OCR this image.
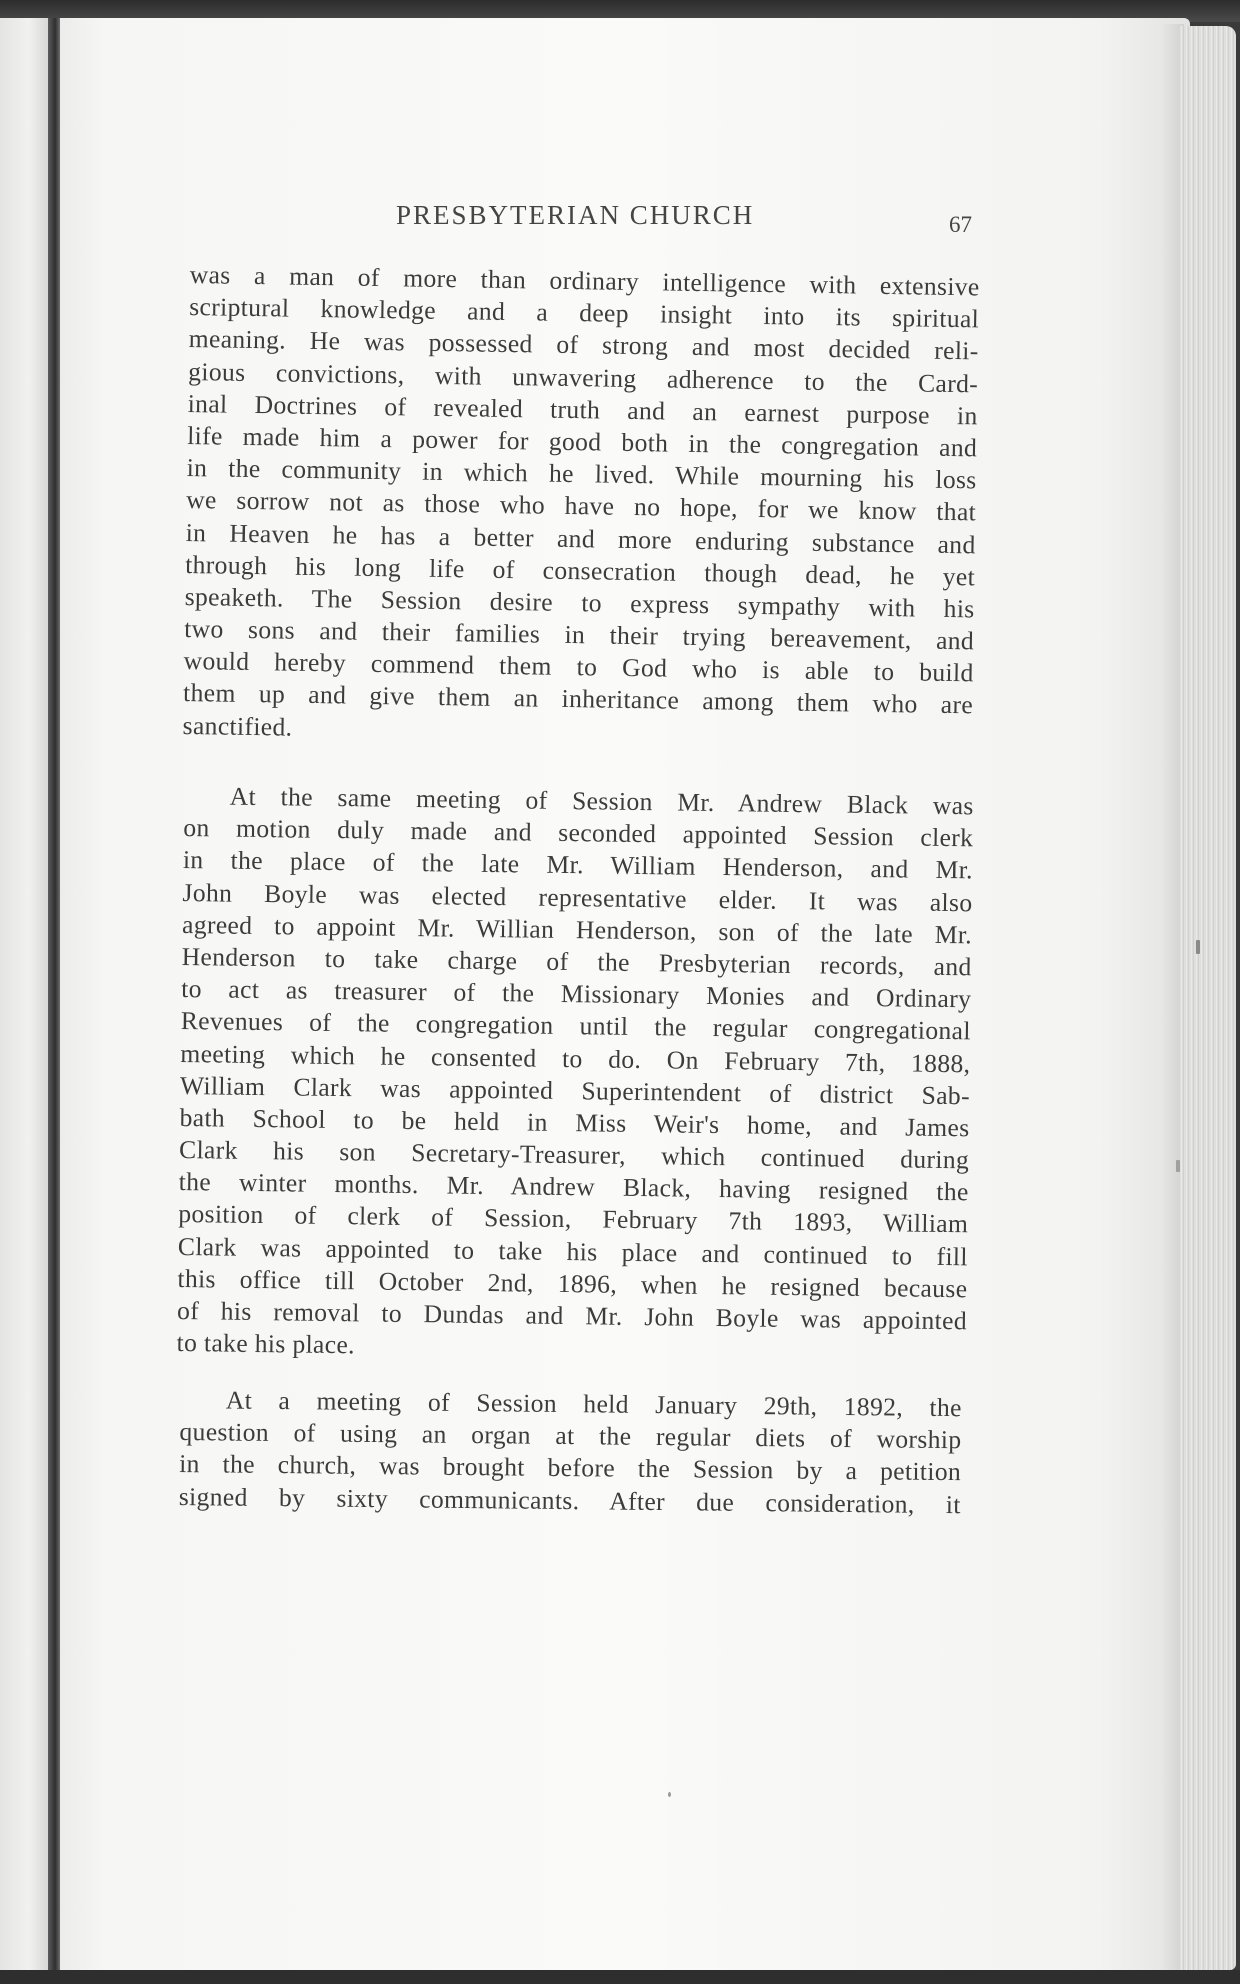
PRESBYTERIAN CHURCH	67
was a man of more than ordinary intelligence with extensive
scriptural knowledge and a deep insight into its spiritual
meaning. He was possessed of strong and most decided reli-
gious convictions, with unwavering adherence to the Card-
inal Doctrines of revealed truth and an earnest purpose in
life made him a power for good both in the congregation and
in the community in which he lived. While mourning his loss
we sorrow not as those who have no hope, for we know that
in Heaven he has a better and more enduring substance and
through his long life of consecration though dead, he yet
speaketh. The Session desire to express sympathy with his
two sons and their families in their trying bereavement, and
would hereby commend them to God who is able to build
them up and give them an inheritance among them who are
sanctified.
At the same meeting of Session Mr. Andrew Black was
on motion duly made and seconded appointed Session clerk
in the place of the late Mr. William Henderson, and Mr.
John Boyle was elected representative elder. It was also
agreed to appoint Mr. Willian Henderson, son of the late Mr.
Henderson to take charge of the Presbyterian records, and
to act as treasurer of the Missionary Monies and Ordinary
Revenues of the congregation until the regular congregational
meeting which he consented to do. On February 7th, 1888,
William Clark was appointed Superintendent of district Sab-
bath School to be held in Miss Weir's home, and James
Clark his son Secretary-Treasurer, which continued during
the winter months. Mr. Andrew Black, having resigned the
position of clerk of Session, February 7th 1893, William
Clark was appointed to take his place and continued to fill
this office till October 2nd, 1896, when he resigned because
of his removal to Dundas and Mr. John Boyle was appointed
to take his place.
At a meeting of Session held January 29th, 1892, the
question of using an organ at the regular diets of worship
in the church, was brought before the Session by a petition
signed by sixty communicants. After due consideration, it
